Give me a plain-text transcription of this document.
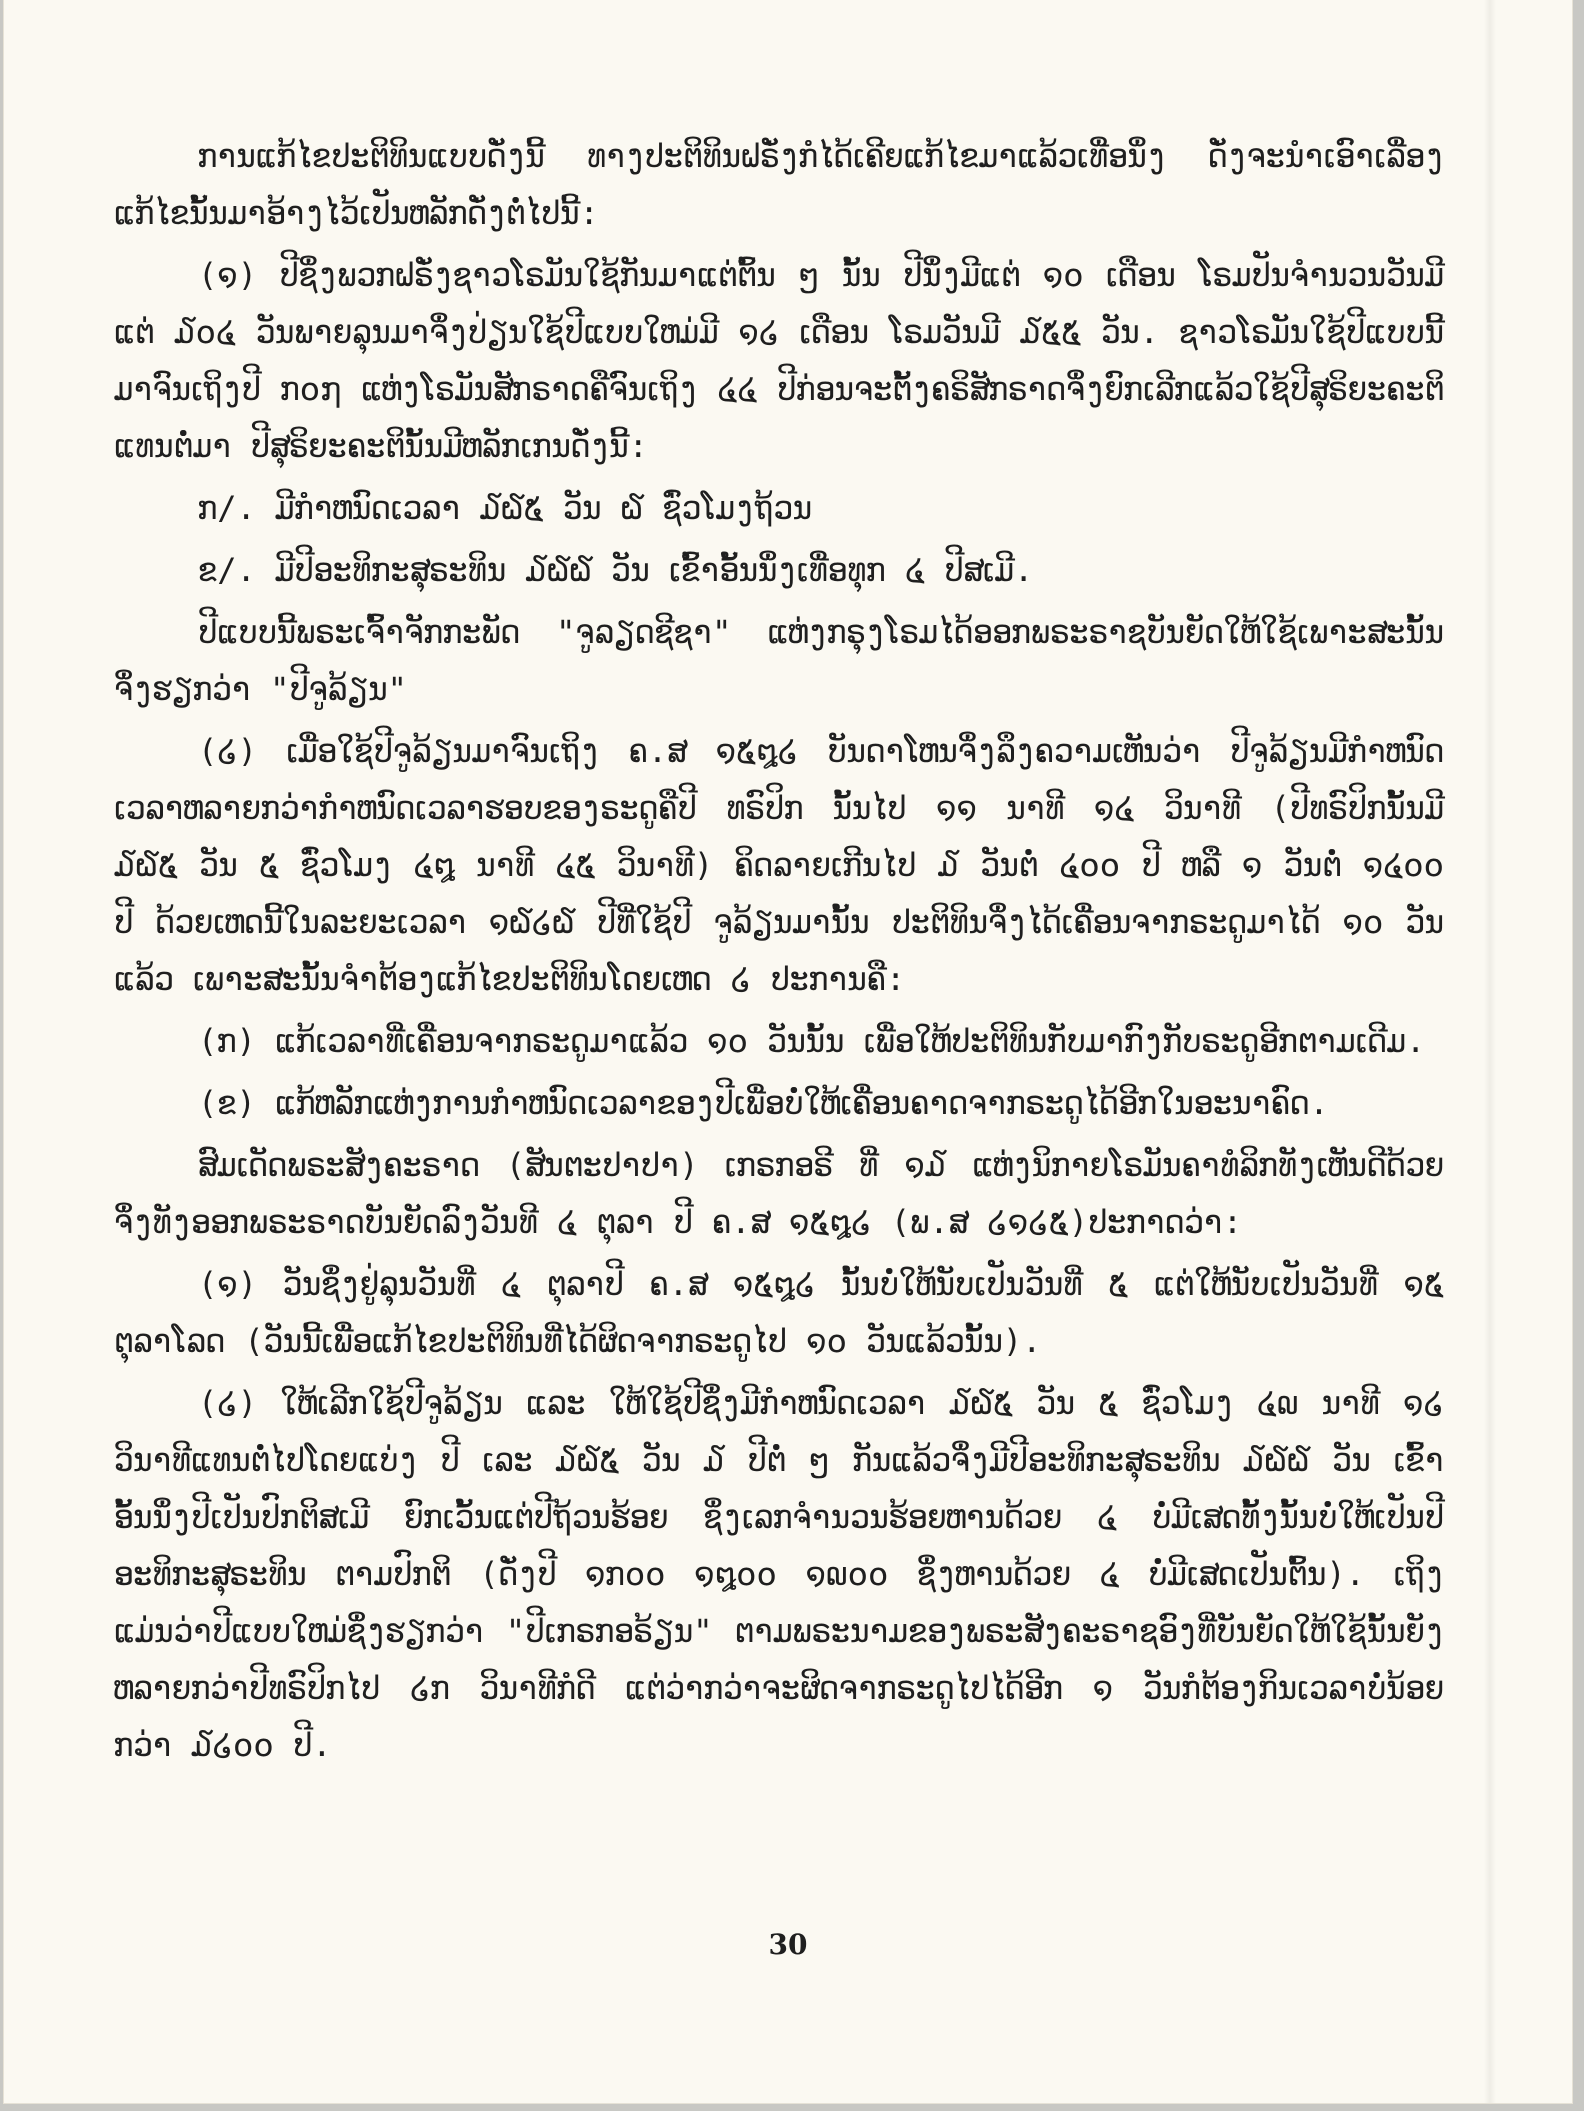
ການແກ້ໄຂປະຕິທິນແບບດັ່ງນີ້ ທາງປະຕິທິນຝຣັ່ງກໍໄດ້ເຄີຍແກ້ໄຂມາແລ້ວເທື່ອນຶ່ງ ດັ່ງຈະນຳເອົາເລື່ອງແກ້ໄຂນັ້ນມາອ້າງໄວ້ເປັນຫລັກດັ່ງຕໍ່ໄປນີ້:

(໑) ປີຊຶ່ງພວກຝຣັ່ງຊາວໂຣມັນໃຊ້ກັນມາແຕ່ຕົ້ນ ໆ ນັ້ນ ປີນຶ່ງມີແຕ່ ໑໐ ເດືອນ ໂຣມປັນຈຳນວນວັນມີແຕ່ ໓໐໔ ວັນພາຍລຸນມາຈຶ່ງປ່ຽນໃຊ້ປີແບບໃຫມ່ມີ ໑໒ ເດືອນ ໂຣມວັນມີ ໓໕໕ ວັນ. ຊາວໂຣມັນໃຊ້ປີແບບນີ້ມາຈົນເຖິງປີ ກ໐໗ ແຫ່ງໂຣມັນສັກຣາດຄືຈົນເຖິງ ໔໔ ປີກ່ອນຈະຕັ້ງຄຣິສັກຣາດຈຶ່ງຍົກເລີກແລ້ວໃຊ້ປີສຸຣິຍະຄະຕິແທນຕໍ່ມາ ປີສຸຣິຍະຄະຕິນັ້ນມີຫລັກເກນດັ່ງນີ້:

ກ/. ມີກຳຫນົດເວລາ ໓໖໕ ວັນ ໖ ຊົ່ວໂມງຖ້ວນ

ຂ/. ມີປີອະທິກະສຸຣະທິນ ໓໖໖ ວັນ ເຂົ້າອັ້ນນຶ່ງເທື່ອທຸກ ໔ ປີສເມີ.

ປີແບບນີ້ພຣະເຈົ້າຈັກກະພັດ "ຈູລຽດຊີຊາ" ແຫ່ງກຣຸງໂຣມໄດ້ອອກພຣະຣາຊບັນຍັດໃຫ້ໃຊ້ເພາະສະນັ້ນຈຶ່ງຮຽກວ່າ "ປີຈູລ້ຽນ"

(໒) ເມື່ອໃຊ້ປີຈູລ້ຽນມາຈົນເຖິງ ຄ.ສ ໑໕໘໒ ບັນດາໂຫນຈຶ່ງລຶງຄວາມເຫັນວ່າ ປີຈູລ້ຽນມີກຳຫນົດເວລາຫລາຍກວ່າກຳຫນົດເວລາຮອບຂອງຣະດູຄືປີ ທຣົປິກ ນັ້ນໄປ ໑໑ ນາທີ ໑໔ ວິນາທີ (ປີທຣົປິກນັ້ນມີ ໓໖໕ ວັນ ໕ ຊົ່ວໂມງ ໔໘ ນາທີ ໔໕ ວິນາທີ) ຄິດລາຍເກີນໄປ ໓ ວັນຕໍ່ ໔໐໐ ປີ ຫລື ໑ ວັນຕໍ່ ໑໔໐໐ ປີ ດ້ວຍເຫດນີ້ໃນລະຍະເວລາ ໑໖໒໖ ປີທີ່ໃຊ້ປີ ຈູລ້ຽນມານັ້ນ ປະຕິທິນຈຶ່ງໄດ້ເຄື່ອນຈາກຣະດູມາໄດ້ ໑໐ ວັນແລ້ວ ເພາະສະນັ້ນຈຳຕ້ອງແກ້ໄຂປະຕິທິນໂດຍເຫດ ໒ ປະການຄື:

(ກ) ແກ້ເວລາທີ່ເຄື່ອນຈາກຣະດູມາແລ້ວ ໑໐ ວັນນັ້ນ ເພື່ອໃຫ້ປະຕິທິນກັບມາກົງກັບຣະດູອີກຕາມເດີມ.

(ຂ) ແກ້ຫລັກແຫ່ງການກຳຫນົດເວລາຂອງປີເພື່ອບໍ່ໃຫ້ເຄື່ອນຄາດຈາກຣະດູໄດ້ອີກໃນອະນາຄົດ.

ສົມເດັດພຣະສັງຄະຣາດ (ສັນຕະປາປາ) ເກຣກອຣີ ທີ່ ໑໓ ແຫ່ງນິກາຍໂຣມັນຄາທໍລິກທັງເຫັນດີດ້ວຍ ຈຶ່ງທັງອອກພຣະຣາດບັນຍັດລົງວັນທີ ໔ ຕຸລາ ປີ ຄ.ສ ໑໕໘໒ (ພ.ສ ໒໑໒໕)ປະກາດວ່າ:

(໑) ວັນຊຶ່ງຢູ່ລຸນວັນທີ່ ໔ ຕຸລາປີ ຄ.ສ ໑໕໘໒ ນັ້ນບໍ່ໃຫ້ນັບເປັນວັນທີ່ ໕ ແຕ່ໃຫ້ນັບເປັນວັນທີ່ ໑໕ ຕຸລາໂລດ (ວັນນີ້ເພື່ອແກ້ໄຂປະຕິທິນທີ່ໄດ້ຜິດຈາກຣະດູໄປ ໑໐ ວັນແລ້ວນັ້ນ).

(໒) ໃຫ້ເລີກໃຊ້ປີຈູລ້ຽນ ແລະ ໃຫ້ໃຊ້ປີຊຶ່ງມີກຳຫນົດເວລາ ໓໖໕ ວັນ ໕ ຊົ່ວໂມງ ໔໙ ນາທີ ໑໒ ວິນາທີແທນຕໍ່ໄປໂດຍແບ່ງ ປີ ເລະ ໓໖໕ ວັນ ໓ ປີຕໍ່ ໆ ກັນແລ້ວຈຶ່ງມີປີອະທິກະສຸຣະທິນ ໓໖໖ ວັນ ເຂົ້າອັ້ນນຶ່ງປີເປັນປົກຕິສເມີ ຍົກເວັ້ນແຕ່ປີຖ້ວນຮ້ອຍ ຊຶ່ງເລກຈຳນວນຮ້ອຍຫານດ້ວຍ ໔ ບໍ່ມີເສດທັ້ງນັ້ນບໍ່ໃຫ້ເປັນປີ ອະທິກະສຸຣະທິນ ຕາມປົກຕິ (ດັ່ງປີ ໑ກ໐໐ ໑໘໐໐ ໑໙໐໐ ຊຶ່ງຫານດ້ວຍ ໔ ບໍ່ມີເສດເປັນຕົ້ນ). ເຖິງແມ່ນວ່າປີແບບໃຫມ່ຊຶ່ງຮຽກວ່າ "ປີເກຣກອຣ້ຽນ" ຕາມພຣະນາມຂອງພຣະສັງຄະຣາຊອົງທີ່ບັນຍັດໃຫ້ໃຊ້ນັ້ນຍັງຫລາຍກວ່າປີທຣົປິກໄປ ໒ກ ວິນາທີກໍດີ ແຕ່ວ່າກວ່າຈະຜິດຈາກຣະດູໄປໄດ້ອີກ ໑ ວັນກໍຕ້ອງກິນເວລາບໍ່ນ້ອຍກວ່າ ໓໒໐໐ ປີ.

30
